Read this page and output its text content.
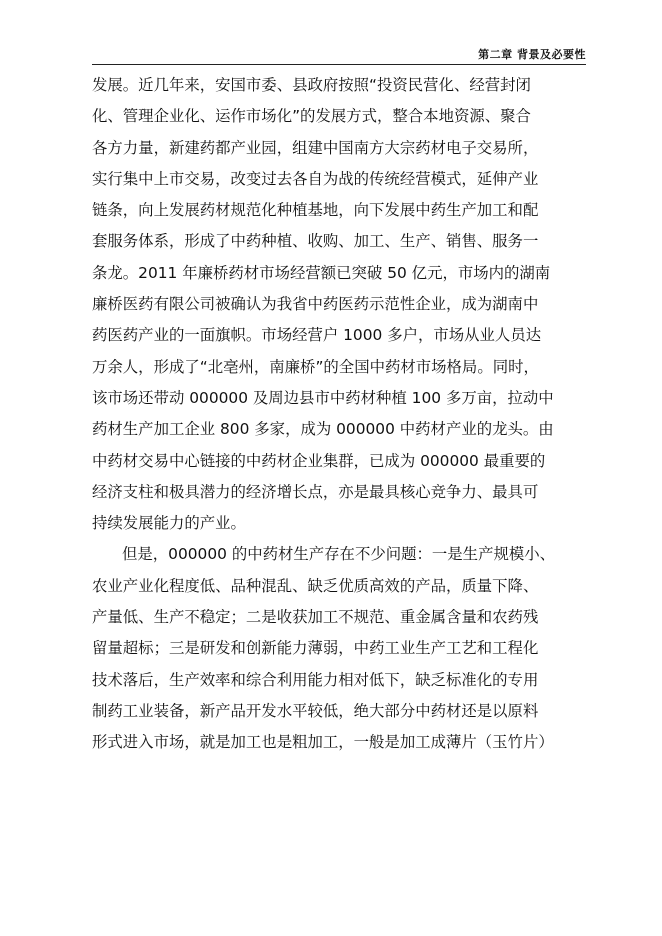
第二章 背景及必要性
发展。近几年来，安国市委、县政府按照“投资民营化、经营封闭
化、管理企业化、运作市场化”的发展方式，整合本地资源、聚合
各方力量，新建药都产业园，组建中国南方大宗药材电子交易所，
实行集中上市交易，改变过去各自为战的传统经营模式，延伸产业
链条，向上发展药材规范化种植基地，向下发展中药生产加工和配
套服务体系，形成了中药种植、收购、加工、生产、销售、服务一
条龙。2011 年廉桥药材市场经营额已突破 50 亿元，市场内的湖南
廉桥医药有限公司被确认为我省中药医药示范性企业，成为湖南中
药医药产业的一面旗帜。市场经营户 1000 多户，市场从业人员达
万余人，形成了“北亳州，南廉桥”的全国中药材市场格局。同时，
该市场还带动 000000 及周边县市中药材种植 100 多万亩，拉动中
药材生产加工企业 800 多家，成为 000000 中药材产业的龙头。由
中药材交易中心链接的中药材企业集群，已成为 000000 最重要的
经济支柱和极具潜力的经济增长点，亦是最具核心竞争力、最具可
持续发展能力的产业。
但是，000000 的中药材生产存在不少问题：一是生产规模小、
农业产业化程度低、品种混乱、缺乏优质高效的产品，质量下降、
产量低、生产不稳定；二是收获加工不规范、重金属含量和农药残
留量超标；三是研发和创新能力薄弱，中药工业生产工艺和工程化
技术落后，生产效率和综合利用能力相对低下，缺乏标准化的专用
制药工业装备，新产品开发水平较低，绝大部分中药材还是以原料
形式进入市场，就是加工也是粗加工，一般是加工成薄片（玉竹片）
